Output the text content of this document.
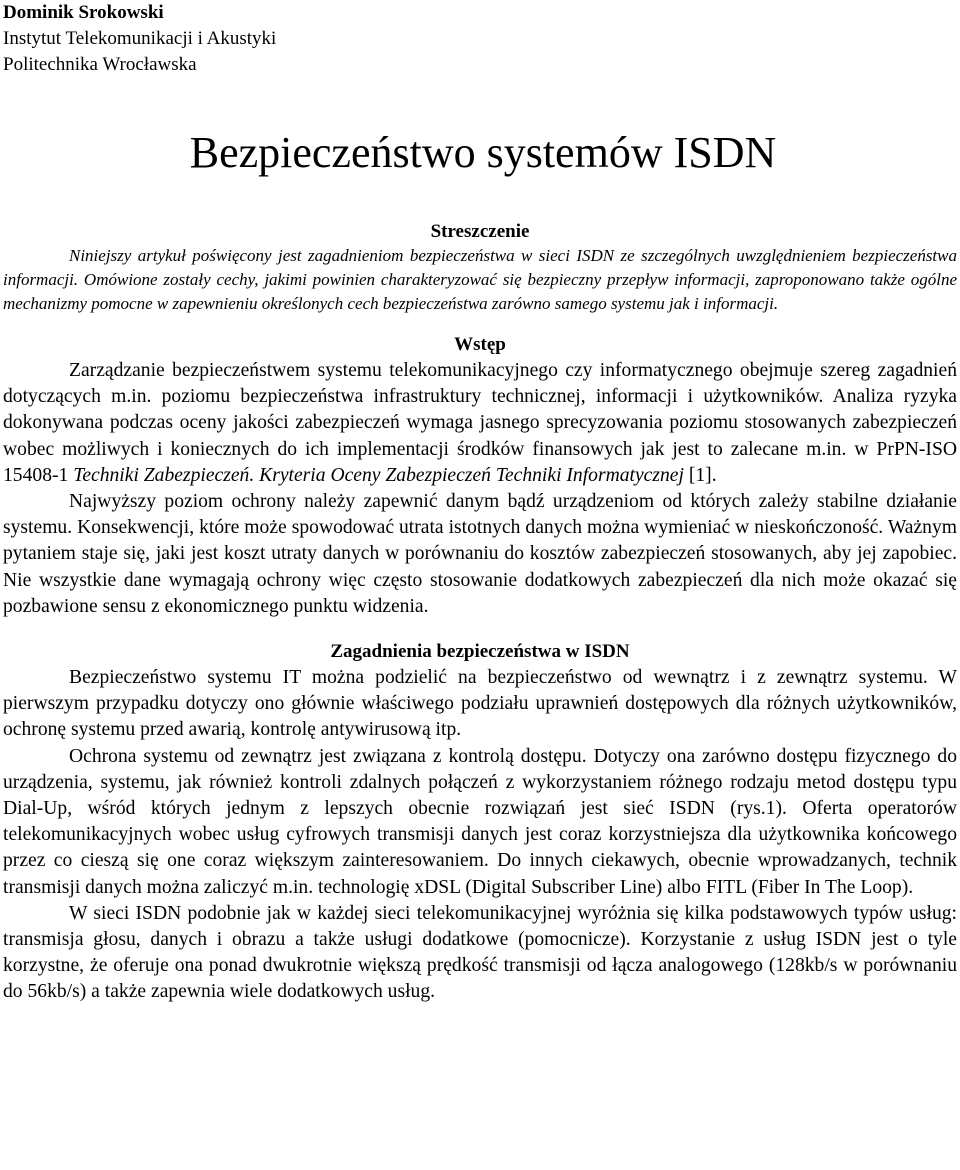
Dominik Srokowski
Instytut Telekomunikacji i Akustyki
Politechnika Wrocławska
Bezpieczeństwo systemów ISDN
Streszczenie

Niniejszy artykuł poświęcony jest zagadnieniom bezpieczeństwa w sieci ISDN ze szczególnych uwzględnieniem bezpieczeństwa informacji. Omówione zostały cechy, jakimi powinien charakteryzować się bezpieczny przepływ informacji, zaproponowano także ogólne mechanizmy pomocne w zapewnieniu określonych cech bezpieczeństwa zarówno samego systemu jak i informacji.

Wstęp

Zarządzanie bezpieczeństwem systemu telekomunikacyjnego czy informatycznego obejmuje szereg zagadnień dotyczących m.in. poziomu bezpieczeństwa infrastruktury technicznej, informacji i użytkowników. Analiza ryzyka dokonywana podczas oceny jakości zabezpieczeń wymaga jasnego sprecyzowania poziomu stosowanych zabezpieczeń wobec możliwych i koniecznych do ich implementacji środków finansowych jak jest to zalecane m.in. w PrPN-ISO 15408-1 Techniki Zabezpieczeń. Kryteria Oceny Zabezpieczeń Techniki Informatycznej [1].

Najwyższy poziom ochrony należy zapewnić danym bądź urządzeniom od których zależy stabilne działanie systemu. Konsekwencji, które może spowodować utrata istotnych danych można wymieniać w nieskończoność. Ważnym pytaniem staje się, jaki jest koszt utraty danych w porównaniu do kosztów zabezpieczeń stosowanych, aby jej zapobiec. Nie wszystkie dane wymagają ochrony więc często stosowanie dodatkowych zabezpieczeń dla nich może okazać się pozbawione sensu z ekonomicznego punktu widzenia.

Zagadnienia bezpieczeństwa w ISDN

Bezpieczeństwo systemu IT można podzielić na bezpieczeństwo od wewnątrz i z zewnątrz systemu. W pierwszym przypadku dotyczy ono głównie właściwego podziału uprawnień dostępowych dla różnych użytkowników, ochronę systemu przed awarią, kontrolę antywirusową itp.

Ochrona systemu od zewnątrz jest związana z kontrolą dostępu. Dotyczy ona zarówno dostępu fizycznego do urządzenia, systemu, jak również kontroli zdalnych połączeń z wykorzystaniem różnego rodzaju metod dostępu typu Dial-Up, wśród których jednym z lepszych obecnie rozwiązań jest sieć ISDN (rys.1). Oferta operatorów telekomunikacyjnych wobec usług cyfrowych transmisji danych jest coraz korzystniejsza dla użytkownika końcowego przez co cieszą się one coraz większym zainteresowaniem. Do innych ciekawych, obecnie wprowadzanych, technik transmisji danych można zaliczyć m.in. technologię xDSL (Digital Subscriber Line) albo FITL (Fiber In The Loop).

W sieci ISDN podobnie jak w każdej sieci telekomunikacyjnej wyróżnia się kilka podstawowych typów usług: transmisja głosu, danych i obrazu a także usługi dodatkowe (pomocnicze). Korzystanie z usług ISDN jest o tyle korzystne, że oferuje ona ponad dwukrotnie większą prędkość transmisji od łącza analogowego (128kb/s w porównaniu do 56kb/s) a także zapewnia wiele dodatkowych usług.
